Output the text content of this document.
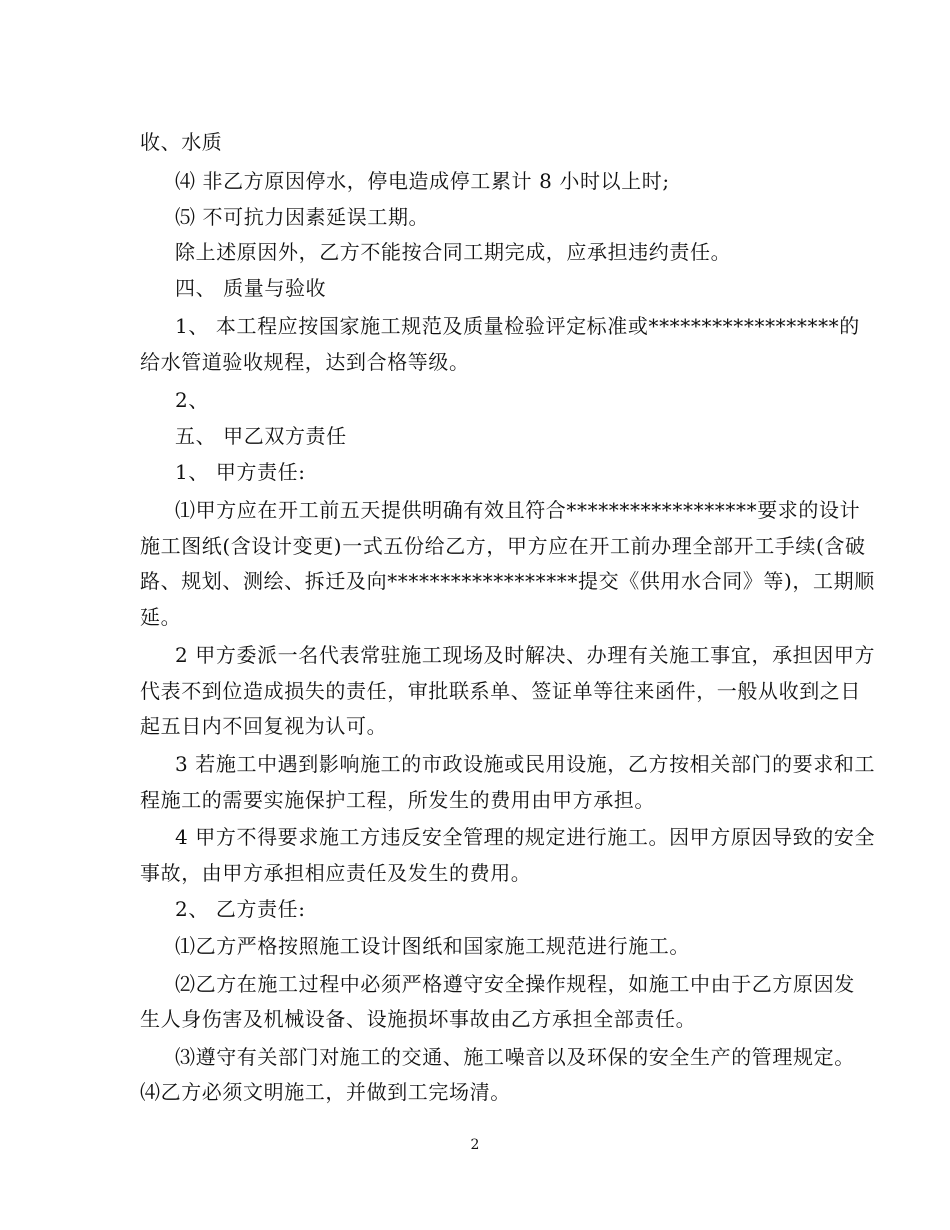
收、水质
⑷ 非乙方原因停水，停电造成停工累计 8 小时以上时;
⑸ 不可抗力因素延误工期。
除上述原因外，乙方不能按合同工期完成，应承担违约责任。
四、 质量与验收
1、 本工程应按国家施工规范及质量检验评定标准或******************的
给水管道验收规程，达到合格等级。
2、
五、 甲乙双方责任
1、 甲方责任:
⑴甲方应在开工前五天提供明确有效且符合******************要求的设计
施工图纸(含设计变更)一式五份给乙方，甲方应在开工前办理全部开工手续(含破
路、规划、测绘、拆迁及向******************提交《供用水合同》等)，工期顺
延。
2 甲方委派一名代表常驻施工现场及时解决、办理有关施工事宜，承担因甲方
代表不到位造成损失的责任，审批联系单、签证单等往来函件，一般从收到之日
起五日内不回复视为认可。
3 若施工中遇到影响施工的市政设施或民用设施，乙方按相关部门的要求和工
程施工的需要实施保护工程，所发生的费用由甲方承担。
4 甲方不得要求施工方违反安全管理的规定进行施工。因甲方原因导致的安全
事故，由甲方承担相应责任及发生的费用。
2、 乙方责任:
⑴乙方严格按照施工设计图纸和国家施工规范进行施工。
⑵乙方在施工过程中必须严格遵守安全操作规程，如施工中由于乙方原因发
生人身伤害及机械设备、设施损坏事故由乙方承担全部责任。
⑶遵守有关部门对施工的交通、施工噪音以及环保的安全生产的管理规定。
⑷乙方必须文明施工，并做到工完场清。
2
